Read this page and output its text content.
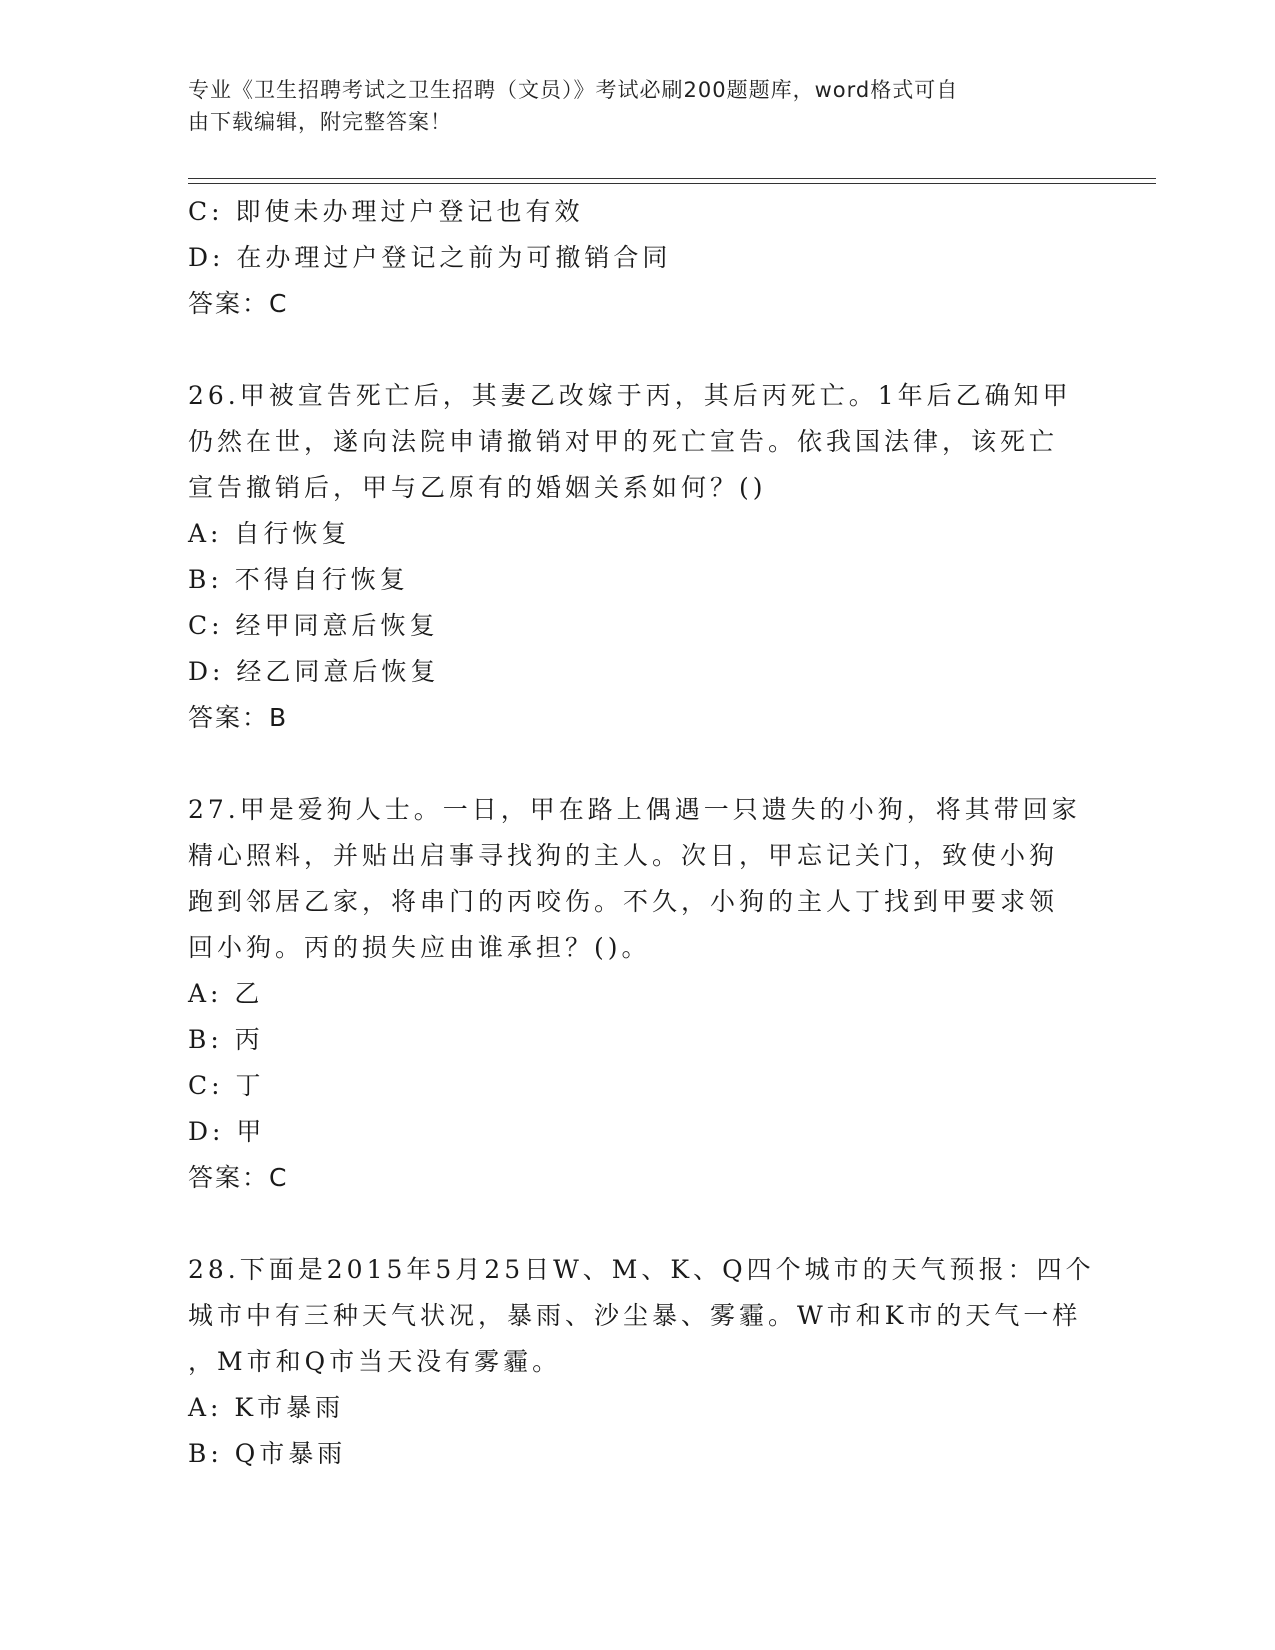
专业《卫生招聘考试之卫生招聘（文员）》考试必刷200题题库，word格式可自
由下载编辑，附完整答案！
C: 即使未办理过户登记也有效
D: 在办理过户登记之前为可撤销合同
答案：C
26.甲被宣告死亡后，其妻乙改嫁于丙，其后丙死亡。1年后乙确知甲
仍然在世，遂向法院申请撤销对甲的死亡宣告。依我国法律，该死亡
宣告撤销后，甲与乙原有的婚姻关系如何？()
A: 自行恢复
B: 不得自行恢复
C: 经甲同意后恢复
D: 经乙同意后恢复
答案：B
27.甲是爱狗人士。一日，甲在路上偶遇一只遗失的小狗，将其带回家
精心照料，并贴出启事寻找狗的主人。次日，甲忘记关门，致使小狗
跑到邻居乙家，将串门的丙咬伤。不久，小狗的主人丁找到甲要求领
回小狗。丙的损失应由谁承担？()。
A: 乙
B: 丙
C: 丁
D: 甲
答案：C
28.下面是2015年5月25日W、M、K、Q四个城市的天气预报：四个
城市中有三种天气状况，暴雨、沙尘暴、雾霾。W市和K市的天气一样
，M市和Q市当天没有雾霾。
A: K市暴雨
B: Q市暴雨
